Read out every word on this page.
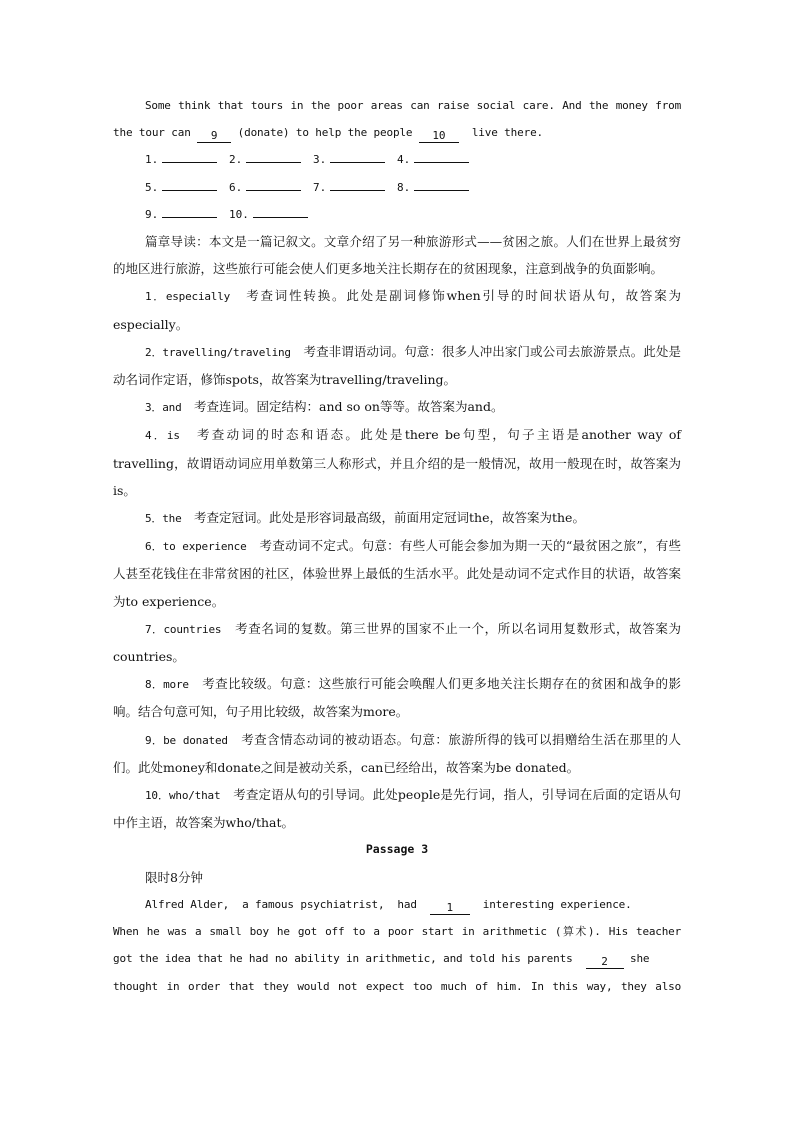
Some think that tours in the poor areas can raise social care. And the money from

the tour can 9 (donate) to help the people 10  live there.

1.	2.	3.	4.
5.	6.	7.	8.
9.	10.

篇章导读：本文是一篇记叙文。文章介绍了另一种旅游形式——贫困之旅。人们在世界上最贫穷的地区进行旅游，这些旅行可能会使人们更多地关注长期存在的贫困现象，注意到战争的负面影响。

1．especially　考查词性转换。此处是副词修饰when引导的时间状语从句，故答案为especially。

2．travelling/traveling　考查非谓语动词。句意：很多人冲出家门或公司去旅游景点。此处是动名词作定语，修饰spots，故答案为travelling/traveling。

3．and　考查连词。固定结构：and so on等等。故答案为and。

4．is　考查动词的时态和语态。此处是there be句型，句子主语是another way of travelling，故谓语动词应用单数第三人称形式，并且介绍的是一般情况，故用一般现在时，故答案为is。

5．the　考查定冠词。此处是形容词最高级，前面用定冠词the，故答案为the。

6．to experience　考查动词不定式。句意：有些人可能会参加为期一天的“最贫困之旅”，有些人甚至花钱住在非常贫困的社区，体验世界上最低的生活水平。此处是动词不定式作目的状语，故答案为to experience。

7．countries　考查名词的复数。第三世界的国家不止一个，所以名词用复数形式，故答案为countries。

8．more　考查比较级。句意：这些旅行可能会唤醒人们更多地关注长期存在的贫困和战争的影响。结合句意可知，句子用比较级，故答案为more。

9．be donated　考查含情态动词的被动语态。句意：旅游所得的钱可以捐赠给生活在那里的人们。此处money和donate之间是被动关系，can已经给出，故答案为be donated。

10．who/that　考查定语从句的引导词。此处people是先行词，指人，引导词在后面的定语从句中作主语，故答案为who/that。

Passage 3

限时8分钟

Alfred Alder,  a famous psychiatrist,  had  1  interesting experience.

When he was a small boy he got off to a poor start in arithmetic (算术). His teacher

got the idea that he had no ability in arithmetic, and told his parents  2 she

thought in order that they would not expect too much of him. In this way, they also
